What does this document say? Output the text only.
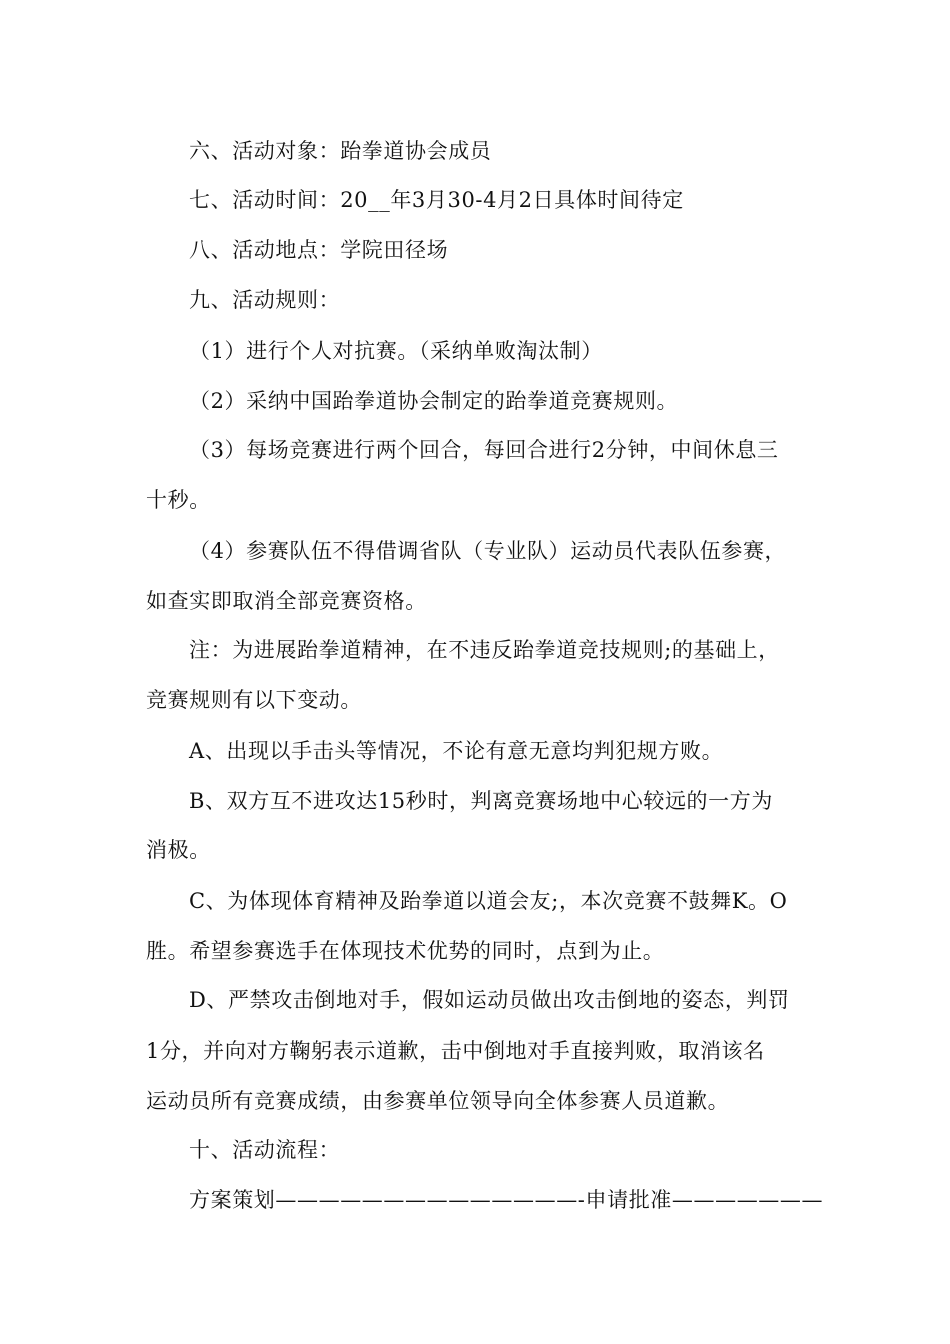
六、活动对象：跆拳道协会成员

七、活动时间：20__年3月30-4月2日具体时间待定

八、活动地点：学院田径场

九、活动规则：

（1）进行个人对抗赛。（采纳单败淘汰制）

（2）采纳中国跆拳道协会制定的跆拳道竞赛规则。

（3）每场竞赛进行两个回合，每回合进行2分钟，中间休息三

十秒。

（4）参赛队伍不得借调省队（专业队）运动员代表队伍参赛，

如查实即取消全部竞赛资格。

注：为进展跆拳道精神，在不违反跆拳道竞技规则;的基础上，

竞赛规则有以下变动。

A、出现以手击头等情况，不论有意无意均判犯规方败。

B、双方互不进攻达15秒时，判离竞赛场地中心较远的一方为

消极。

C、为体现体育精神及跆拳道以道会友;，本次竞赛不鼓舞K。O

胜。希望参赛选手在体现技术优势的同时，点到为止。

D、严禁攻击倒地对手，假如运动员做出攻击倒地的姿态，判罚

1分，并向对方鞠躬表示道歉，击中倒地对手直接判败，取消该名

运动员所有竞赛成绩，由参赛单位领导向全体参赛人员道歉。

十、活动流程：

方案策划——————————————-申请批准———————
